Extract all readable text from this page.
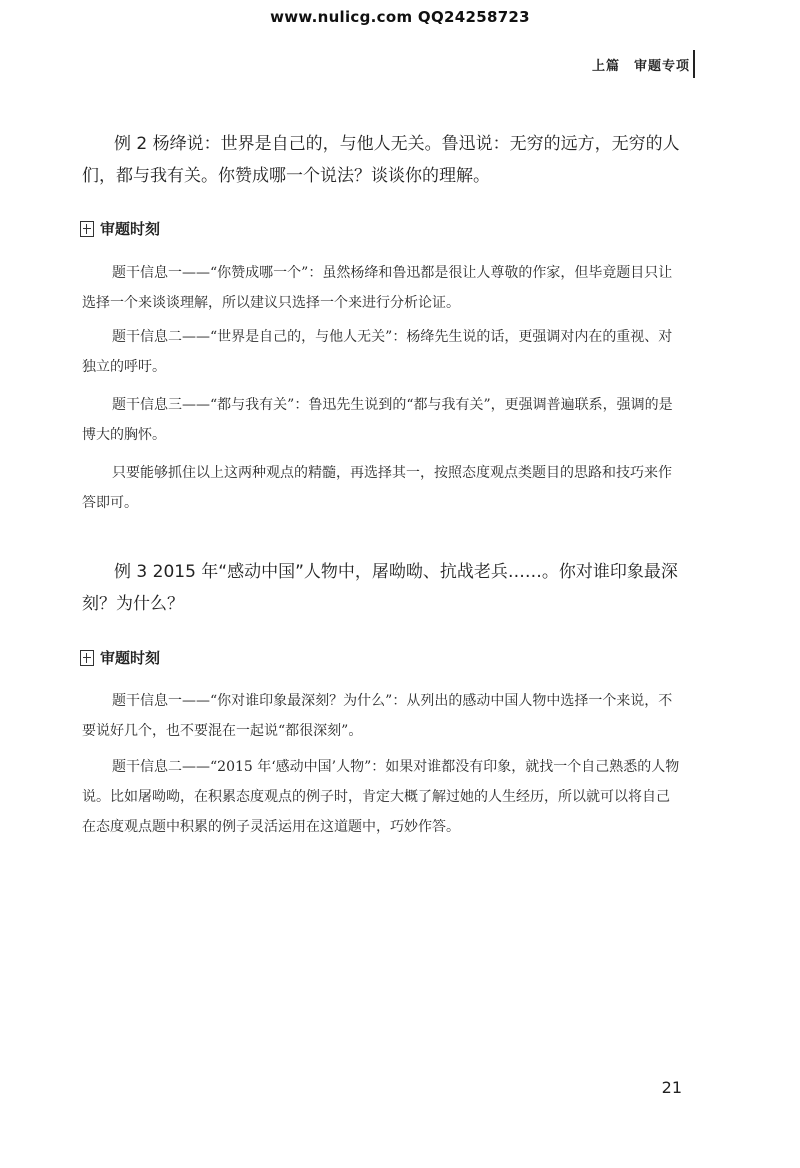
www.nulicg.com QQ24258723
上篇 审题专项
例 2 杨绛说：世界是自己的，与他人无关。鲁迅说：无穷的远方，无穷的人们，都与我有关。你赞成哪一个说法？谈谈你的理解。
审题时刻
题干信息一——“你赞成哪一个”：虽然杨绛和鲁迅都是很让人尊敬的作家，但毕竟题目只让选择一个来谈谈理解，所以建议只选择一个来进行分析论证。
题干信息二——“世界是自己的，与他人无关”：杨绛先生说的话，更强调对内在的重视、对独立的呼吁。
题干信息三——“都与我有关”：鲁迅先生说到的“都与我有关”，更强调普遍联系，强调的是博大的胸怀。
只要能够抓住以上这两种观点的精髓，再选择其一，按照态度观点类题目的思路和技巧来作答即可。
例 3 2015 年“感动中国”人物中，屠呦呦、抗战老兵……。你对谁印象最深刻？为什么？
审题时刻
题干信息一——“你对谁印象最深刻？为什么”：从列出的感动中国人物中选择一个来说，不要说好几个，也不要混在一起说“都很深刻”。
题干信息二——“2015 年‘感动中国’人物”：如果对谁都没有印象，就找一个自己熟悉的人物说。比如屠呦呦，在积累态度观点的例子时，肯定大概了解过她的人生经历，所以就可以将自己在态度观点题中积累的例子灵活运用在这道题中，巧妙作答。
21
